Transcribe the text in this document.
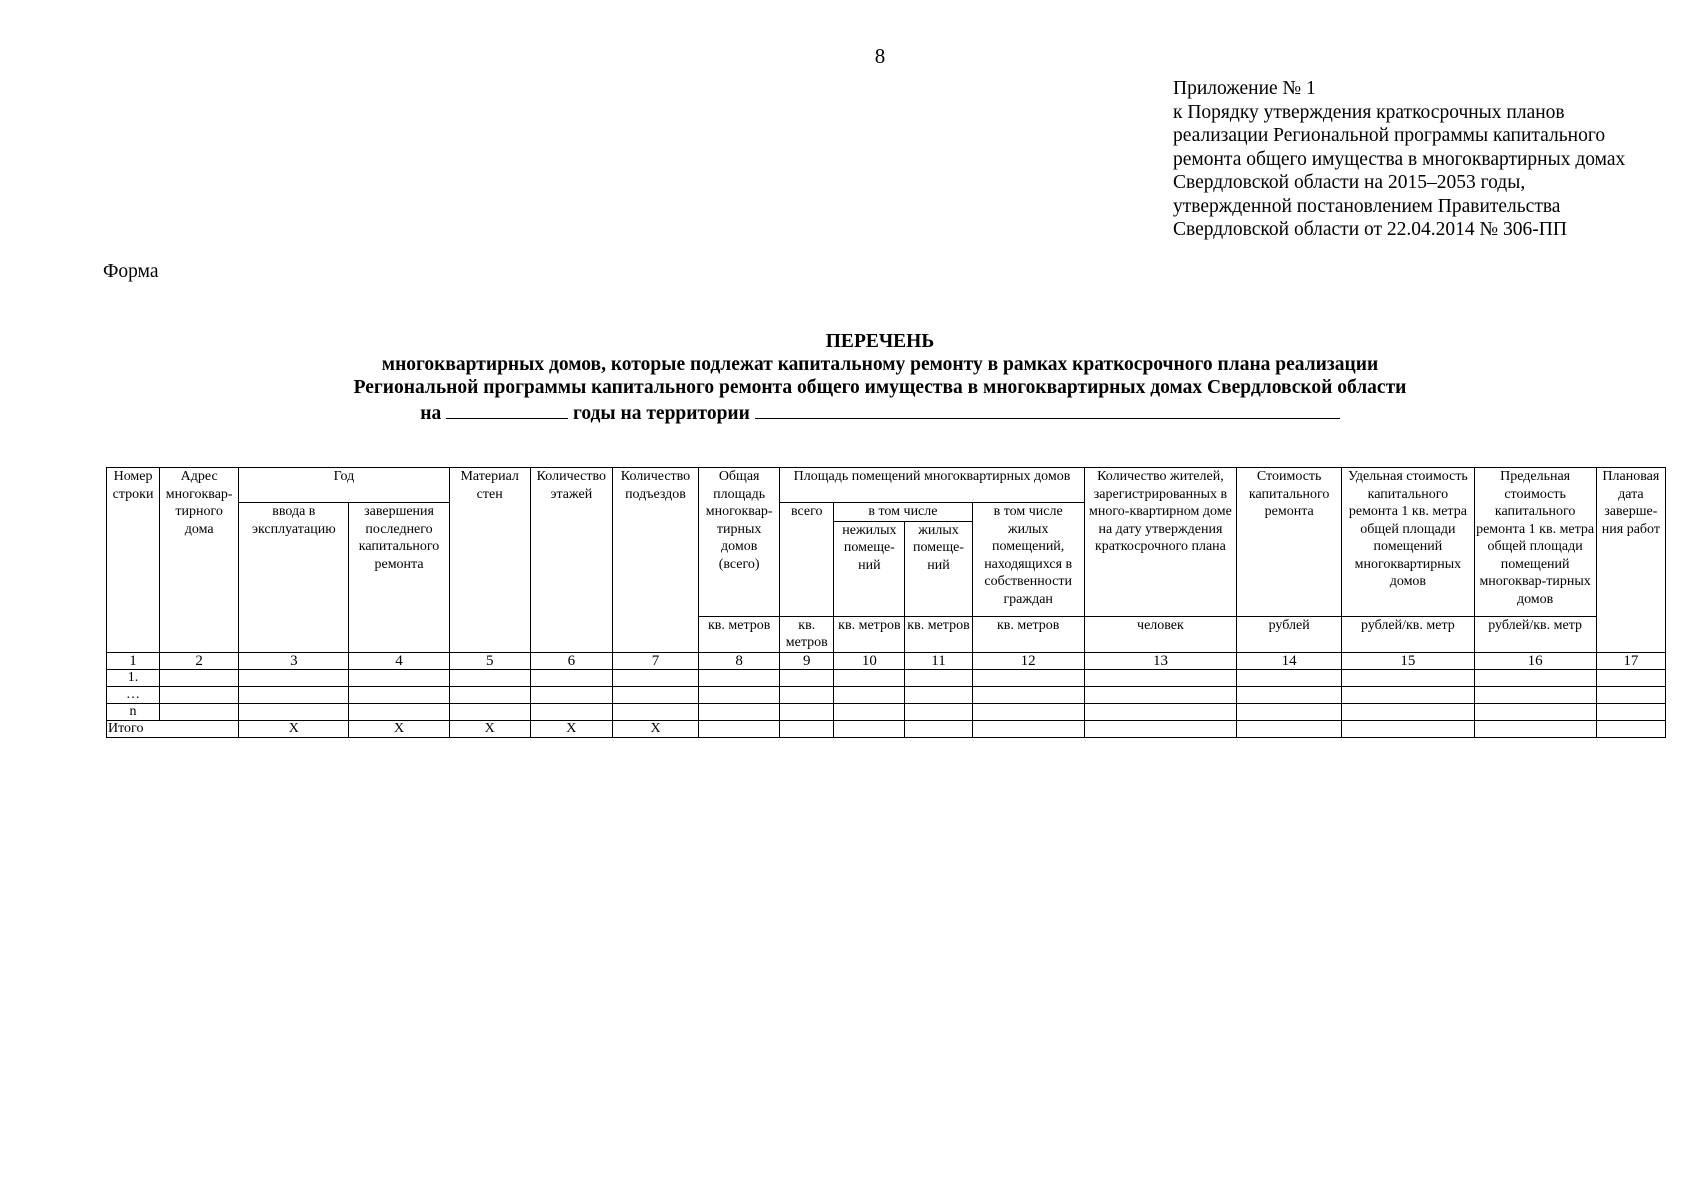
8
Приложение № 1
к Порядку утверждения краткосрочных планов
реализации Региональной программы капитального
ремонта общего имущества в многоквартирных домах
Свердловской области на 2015–2053 годы,
утвержденной постановлением Правительства
Свердловской области от 22.04.2014 № 306-ПП
Форма
ПЕРЕЧЕНЬ
многоквартирных домов, которые подлежат капитальному ремонту в рамках краткосрочного плана реализации
Региональной программы капитального ремонта общего имущества в многоквартирных домах Свердловской области
на	годы на территории
Номер строки	Адрес многоквар-тирного дома	Год		Материал стен	Количество этажей	Количество подъездов	Общая площадь многоквар-тирных домов (всего)	Площадь помещений многоквартирных домов				Количество жителей, зарегистрированных в много-квартирном доме на дату утверждения краткосрочного плана	Стоимость капитального ремонта	Удельная стоимость капитального ремонта 1 кв. метра общей площади помещений многоквартирных домов	Предельная стоимость капитального ремонта 1 кв. метра общей площади помещений многоквар-тирных домов	Плановая дата заверше-ния работ
		ввода в эксплуатацию	завершения последнего капитального ремонта					всего	в том числе		в том числе жилых помещений, находящихся в собственности граждан					
									нежилых помеще-ний	жилых помеще-ний						
							кв. метров	кв. метров	кв. метров	кв. метров	кв. метров	человек	рублей	рублей/кв. метр	рублей/кв. метр	
1	2	3	4	5	6	7	8	9	10	11	12	13	14	15	16	17
1.																
…																
n																
Итого		X	X	X	X	X										
